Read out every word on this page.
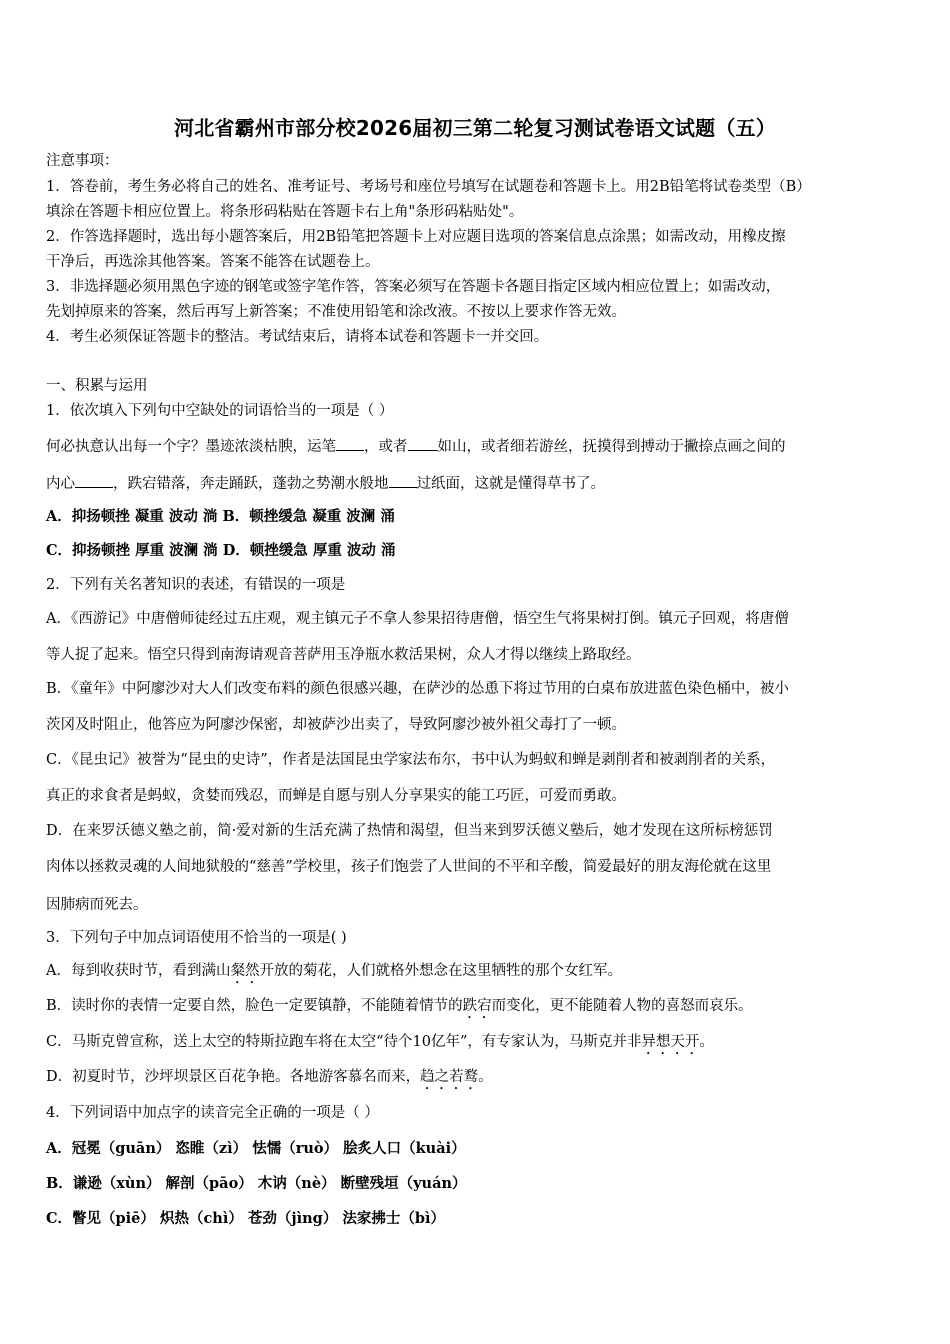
河北省霸州市部分校2026届初三第二轮复习测试卷语文试题（五）
注意事项：
1．答卷前，考生务必将自己的姓名、准考证号、考场号和座位号填写在试题卷和答题卡上。用2B铅笔将试卷类型（B）
填涂在答题卡相应位置上。将条形码粘贴在答题卡右上角"条形码粘贴处"。
2．作答选择题时，选出每小题答案后，用2B铅笔把答题卡上对应题目选项的答案信息点涂黑；如需改动，用橡皮擦
干净后，再选涂其他答案。答案不能答在试题卷上。
3．非选择题必须用黑色字迹的钢笔或签字笔作答，答案必须写在答题卡各题目指定区域内相应位置上；如需改动，
先划掉原来的答案，然后再写上新答案；不准使用铅笔和涂改液。不按以上要求作答无效。
4．考生必须保证答题卡的整洁。考试结束后，请将本试卷和答题卡一并交回。
一、积累与运用
1．依次填入下列句中空缺处的词语恰当的一项是（ ）
何必执意认出每一个字？墨迹浓淡枯腴，运笔 ，或者 如山，或者细若游丝，抚摸得到搏动于撇捺点画之间的
内心	，跌宕错落，奔走踊跃，蓬勃之势潮水般地 过纸面，这就是懂得草书了。
A．抑扬顿挫 凝重 波动 淌 B．顿挫缓急 凝重 波澜 涌
C．抑扬顿挫 厚重 波澜 淌 D．顿挫缓急 厚重 波动 涌
2．下列有关名著知识的表述，有错误的一项是
A．《西游记》中唐僧师徒经过五庄观，观主镇元子不拿人参果招待唐僧，悟空生气将果树打倒。镇元子回观，将唐僧
等人捉了起来。悟空只得到南海请观音菩萨用玉净瓶水救活果树，众人才得以继续上路取经。
B．《童年》中阿廖沙对大人们改变布料的颜色很感兴趣，在萨沙的怂恿下将过节用的白桌布放进蓝色染色桶中，被小
茨冈及时阻止，他答应为阿廖沙保密，却被萨沙出卖了，导致阿廖沙被外祖父毒打了一顿。
C．《昆虫记》被誉为“昆虫的史诗”，作者是法国昆虫学家法布尔，书中认为蚂蚁和蝉是剥削者和被剥削者的关系，
真正的求食者是蚂蚁，贪婪而残忍，而蝉是自愿与别人分享果实的能工巧匠，可爱而勇敢。
D．在来罗沃德义塾之前，简·爱对新的生活充满了热情和渴望，但当来到罗沃德义塾后，她才发现在这所标榜惩罚
肉体以拯救灵魂的人间地狱般的“慈善”学校里，孩子们饱尝了人世间的不平和辛酸，简爱最好的朋友海伦就在这里
因肺病而死去。
3．下列句子中加点词语使用不恰当的一项是( )
A．每到收获时节，看到满山粲然开放的菊花，人们就格外想念在这里牺牲的那个女红军。
B．读时你的表情一定要自然，脸色一定要镇静，不能随着情节的跌宕而变化，更不能随着人物的喜怒而哀乐。
C．马斯克曾宣称，送上太空的特斯拉跑车将在太空“待个10亿年”，有专家认为，马斯克并非异想天开。
D．初夏时节，沙坪坝景区百花争艳。各地游客慕名而来，趋之若鹜。
4．下列词语中加点字的读音完全正确的一项是（ ）
A．冠冕（guān） 恣睢（zì） 怯懦（ruò） 脍炙人口（kuài）
B．谦逊（xùn） 解剖（pāo） 木讷（nè） 断壁残垣（yuán）
C．瞥见（piē） 炽热（chì） 苍劲（jìng） 法家拂士（bì）
